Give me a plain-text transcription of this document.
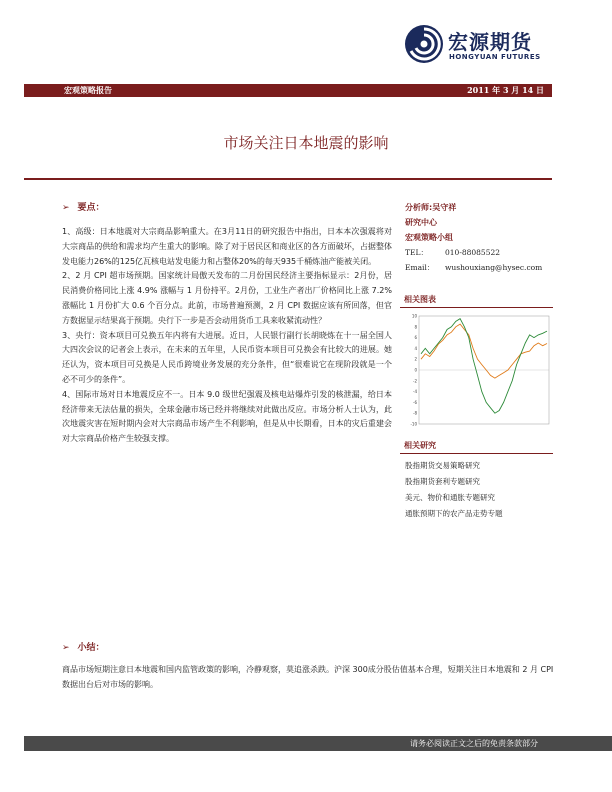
宏源期货
HONGYUAN FUTURES
宏观策略报告	2011 年 3 月 14 日
市场关注日本地震的影响
➢ 要点：
1、高级：日本地震对大宗商品影响重大。在3月11日的研究报告中指出，日本本次强震将对大宗商品的供给和需求均产生重大的影响。除了对于居民区和商业区的各方面破坏，占据整体发电能力26%的125亿瓦核电站发电能力和占整体20%的每天935千桶炼油产能被关闭。
2、2 月 CPI 超市场预期。国家统计局傲天发布的二月份国民经济主要指标显示：2月份，居民消费价格同比上涨 4.9% 涨幅与 1 月份持平。2月份，工业生产者出厂价格同比上涨 7.2% 涨幅比 1 月份扩大 0.6 个百分点。此前，市场普遍预测，2 月 CPI 数据应该有所回落，但官方数据显示结果高于预期。央行下一步是否会动用货币工具来收紧流动性？
3、央行：资本项目可兑换五年内将有大进展。近日，人民银行副行长胡晓炼在十一届全国人大四次会议的记者会上表示，在未来的五年里，人民币资本项目可兑换会有比较大的进展。她还认为，资本项目可兑换是人民币跨境业务发展的充分条件，但“很难说它在现阶段就是一个必不可少的条件”。
4、国际市场对日本地震反应不一。日本 9.0 级世纪强震及核电站爆炸引发的核泄漏，给日本经济带来无法估量的损失，全球金融市场已经并将继续对此做出反应。市场分析人士认为，此次地震灾害在短时期内会对大宗商品市场产生不利影响，但是从中长期看，日本的灾后重建会对大宗商品价格产生较强支撑。
➢ 小结：
商品市场短期注意日本地震和国内监管政策的影响，冷静观察，莫追涨杀跌。沪深 300成分股估值基本合理，短期关注日本地震和 2 月 CPI 数据出台后对市场的影响。
分析师:吴守祥
研究中心
宏观策略小组
TEL： 010-88085522
Email： wushouxiang@hysec.com
相关图表
10
8
6
4
2
0
-2
-4
-6
-8
-10
相关研究
股指期货交易策略研究
股指期货套利专题研究
美元、物价和通胀专题研究
通胀预期下的农产品走势专题
请务必阅读正文之后的免责条款部分
